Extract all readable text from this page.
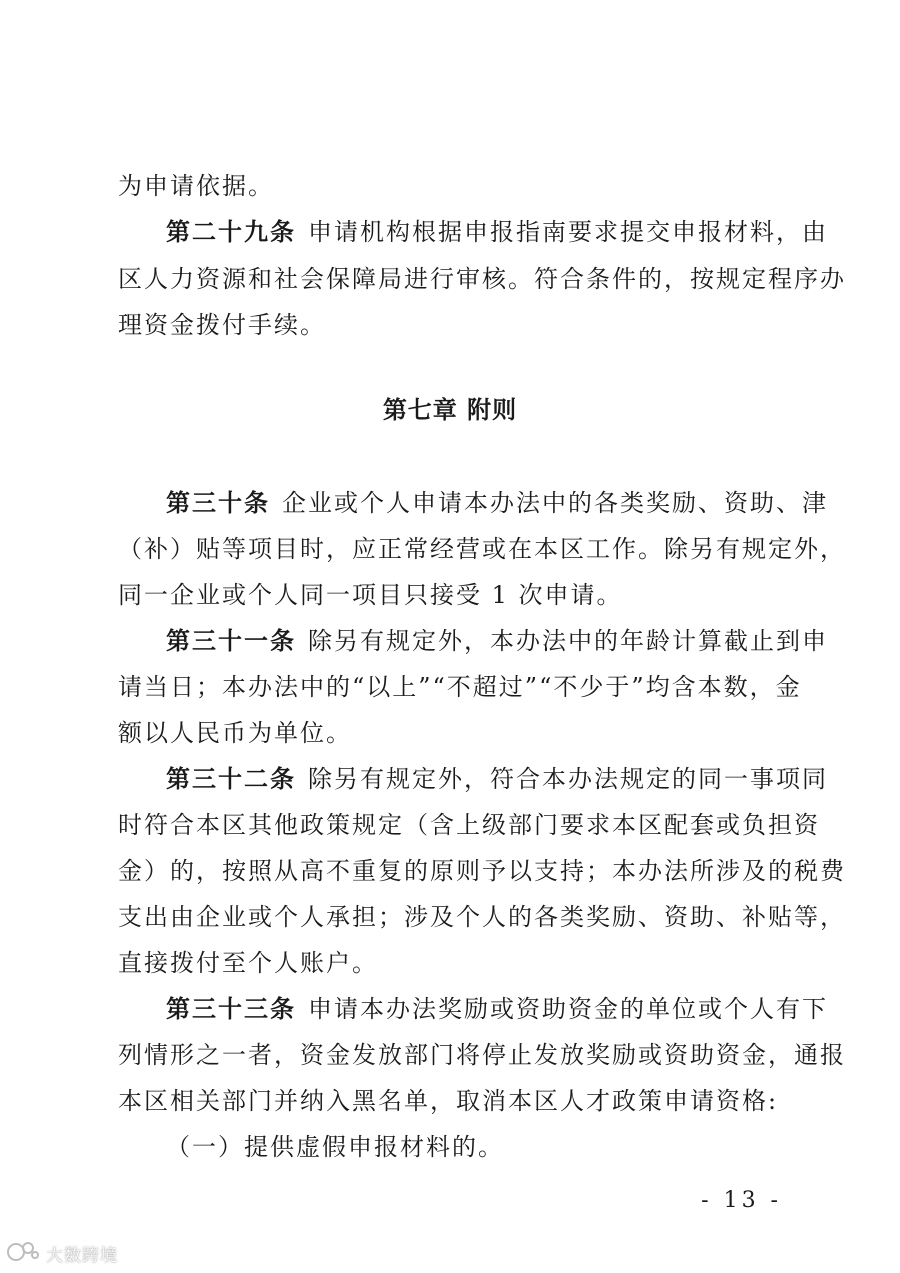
为申请依据。
第二十九条 申请机构根据申报指南要求提交申报材料，由
区人力资源和社会保障局进行审核。符合条件的，按规定程序办
理资金拨付手续。
第七章 附则
第三十条 企业或个人申请本办法中的各类奖励、资助、津
（补）贴等项目时，应正常经营或在本区工作。除另有规定外，
同一企业或个人同一项目只接受 1 次申请。
第三十一条 除另有规定外，本办法中的年龄计算截止到申
请当日；本办法中的“以上”“不超过”“不少于”均含本数，金
额以人民币为单位。
第三十二条 除另有规定外，符合本办法规定的同一事项同
时符合本区其他政策规定（含上级部门要求本区配套或负担资
金）的，按照从高不重复的原则予以支持；本办法所涉及的税费
支出由企业或个人承担；涉及个人的各类奖励、资助、补贴等，
直接拨付至个人账户。
第三十三条 申请本办法奖励或资助资金的单位或个人有下
列情形之一者，资金发放部门将停止发放奖励或资助资金，通报
本区相关部门并纳入黑名单，取消本区人才政策申请资格:
（一）提供虚假申报材料的。
- 13 -
大数跨境
